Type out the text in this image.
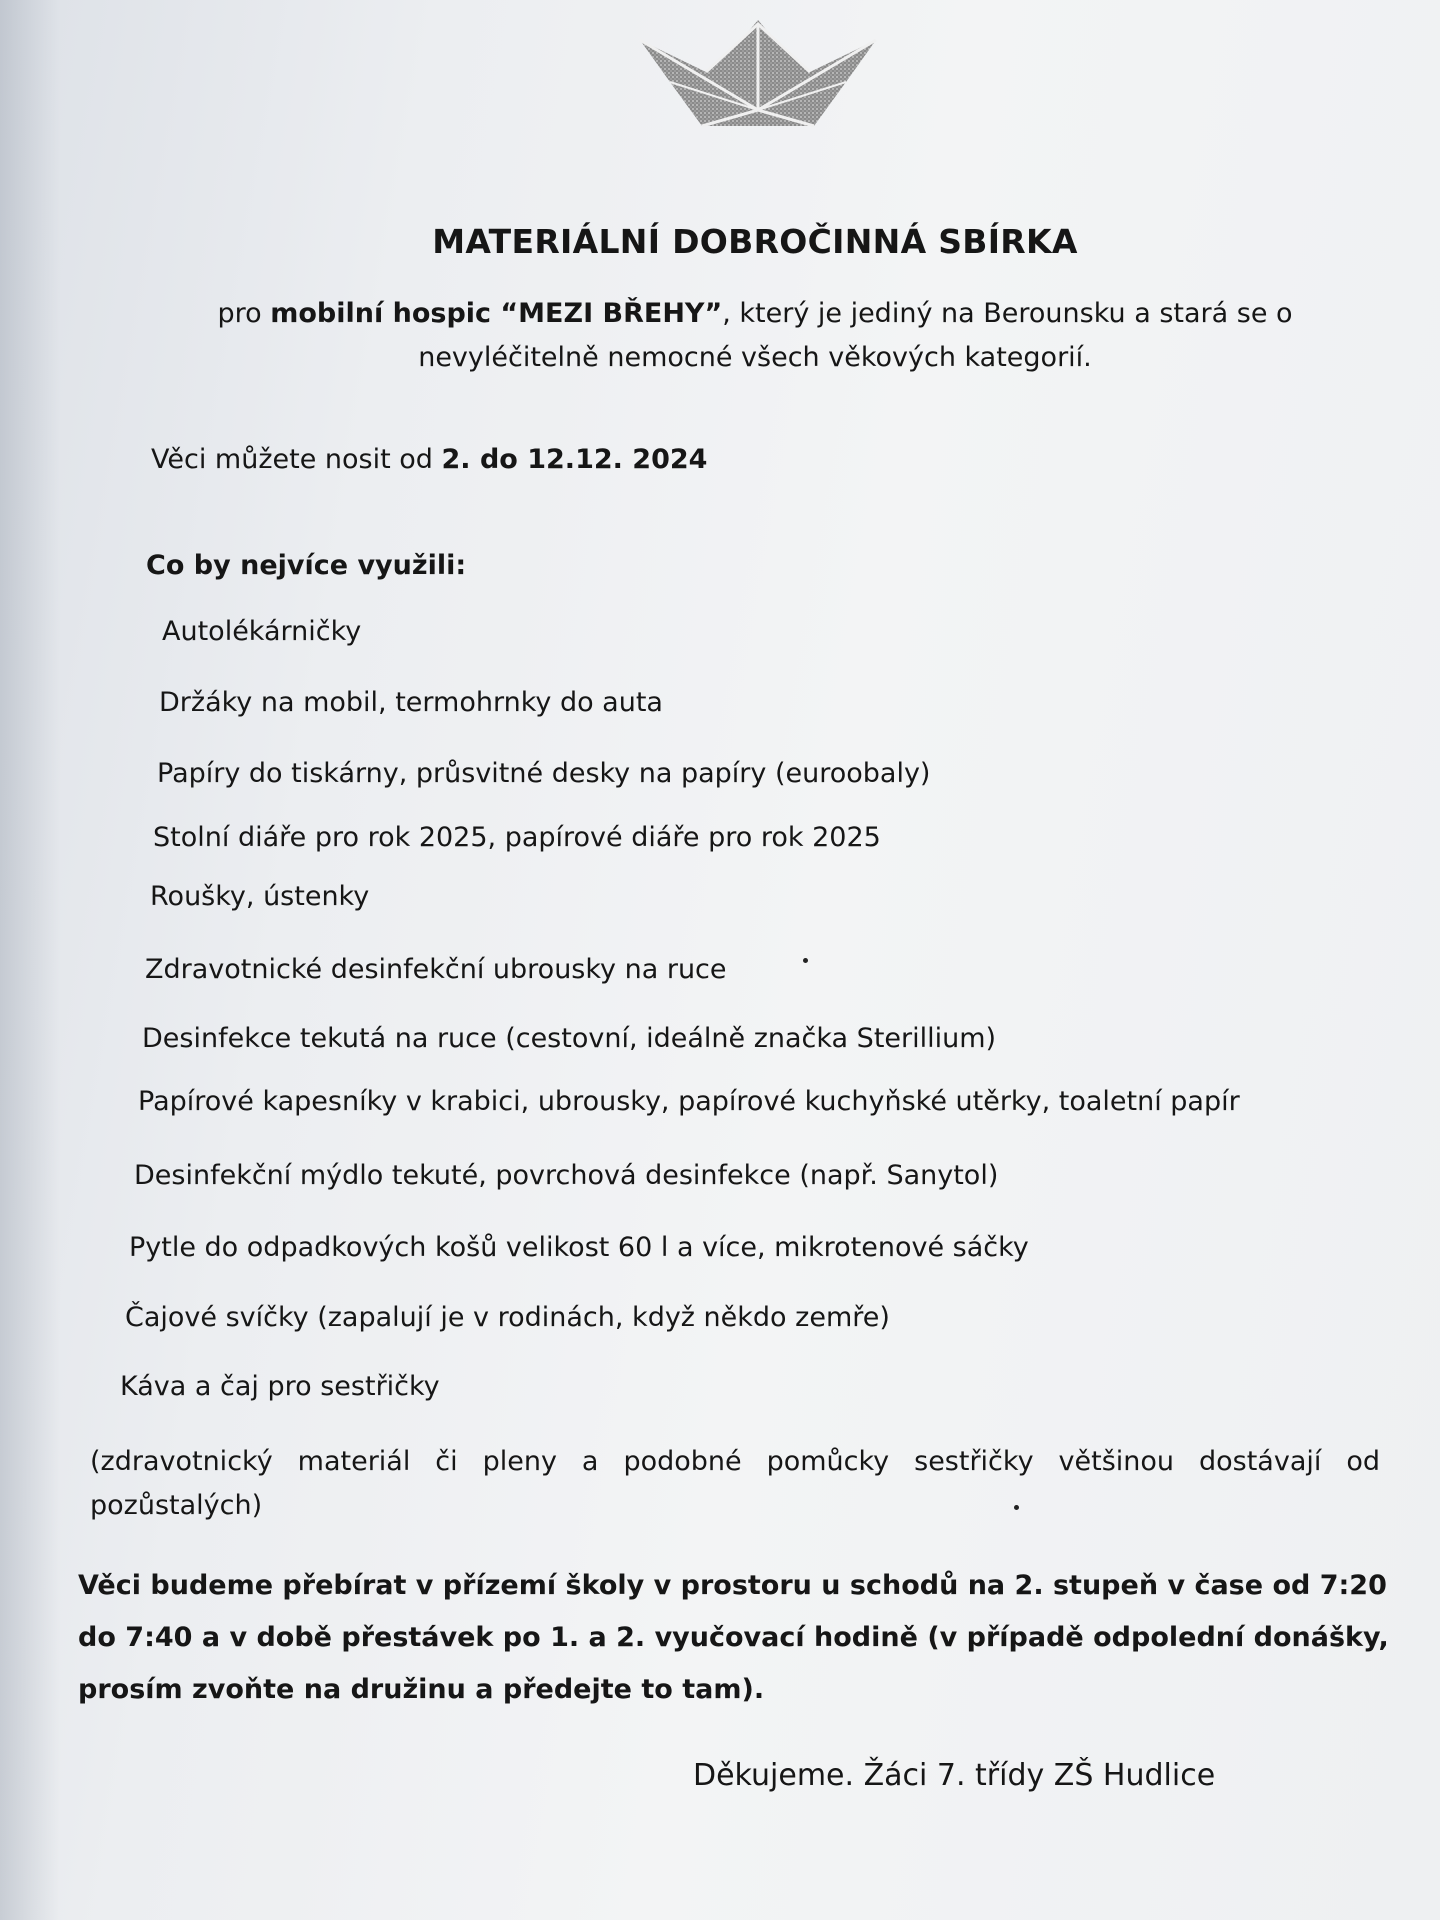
MATERIÁLNÍ DOBROČINNÁ SBÍRKA
pro mobilní hospic “MEZI BŘEHY”, který je jediný na Berounsku a stará se o
nevyléčitelně nemocné všech věkových kategorií.
Věci můžete nosit od 2. do 12.12. 2024
Co by nejvíce využili:
Autolékárničky
Držáky na mobil, termohrnky do auta
Papíry do tiskárny, průsvitné desky na papíry (euroobaly)
Stolní diáře pro rok 2025, papírové diáře pro rok 2025
Roušky, ústenky
Zdravotnické desinfekční ubrousky na ruce
Desinfekce tekutá na ruce (cestovní, ideálně značka Sterillium)
Papírové kapesníky v krabici, ubrousky, papírové kuchyňské utěrky, toaletní papír
Desinfekční mýdlo tekuté, povrchová desinfekce (např. Sanytol)
Pytle do odpadkových košů velikost 60 l a více, mikrotenové sáčky
Čajové svíčky (zapalují je v rodinách, když někdo zemře)
Káva a čaj pro sestřičky
(zdravotnický materiál či pleny a podobné pomůcky sestřičky většinou dostávají od pozůstalých)
Věci budeme přebírat v přízemí školy v prostoru u schodů na 2. stupeň v čase od 7:20 do 7:40 a v době přestávek po 1. a 2. vyučovací hodině (v případě odpolední donášky, prosím zvoňte na družinu a předejte to tam).
Děkujeme. Žáci 7. třídy ZŠ Hudlice
